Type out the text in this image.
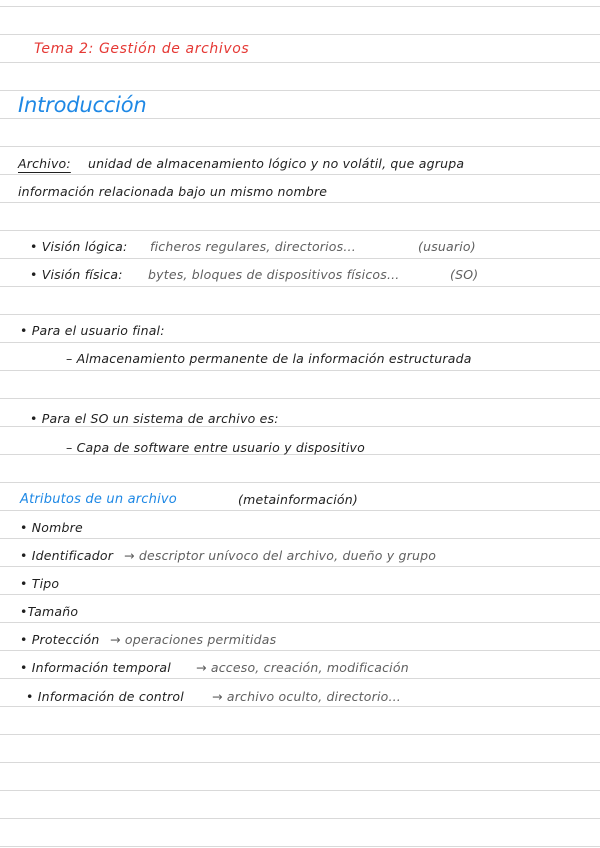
Tema 2: Gestión de archivos
Introducción
Archivo: unidad de almacenamiento lógico y no volátil, que agrupa
información relacionada bajo un mismo nombre
• Visión lógica: ficheros regulares, directorios...	(usuario)
• Visión física: bytes, bloques de dispositivos físicos...	(SO)
• Para el usuario final:
– Almacenamiento permanente de la información estructurada
• Para el SO un sistema de archivo es:
– Capa de software entre usuario y dispositivo
Atributos de un archivo	(metainformación)
• Nombre
• Identificador → descriptor unívoco del archivo, dueño y grupo
• Tipo
•Tamaño
• Protección → operaciones permitidas
• Información temporal → acceso, creación, modificación
• Información de control → archivo oculto, directorio...
